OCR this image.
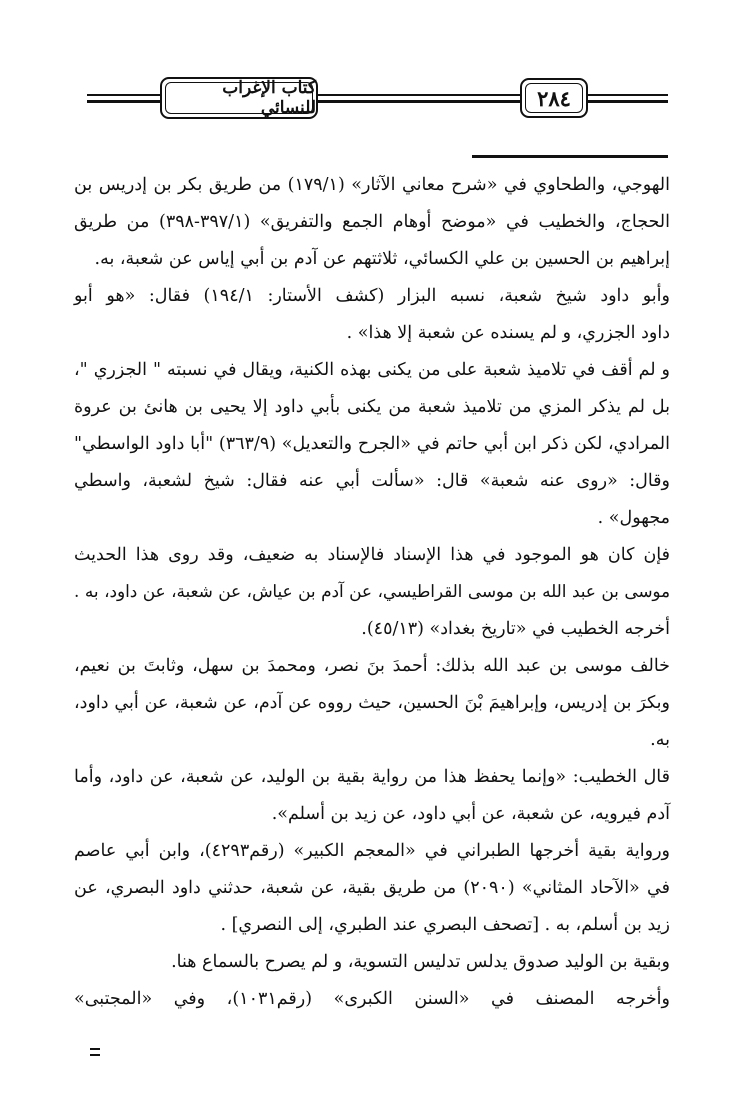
كتاب الإغراب للنسائي	٢٨٤
الهوجي، والطحاوي في «شرح معاني الآثار» (١٧٩/١) من طريق بكر بن إدريس بن
الحجاج، والخطيب في «موضح أوهام الجمع والتفريق» (٣٩٧/١-٣٩٨) من طريق
إبراهيم بن الحسين بن علي الكسائي، ثلاثتهم عن آدم بن أبي إياس عن شعبة، به.
وأبو داود شيخ شعبة، نسبه البزار (كشف الأستار: ١٩٤/١) فقال: «هو أبو
داود الجزري، و لم يسنده عن شعبة إلا هذا» .
و لم أقف في تلاميذ شعبة على من يكنى بهذه الكنية، ويقال في نسبته " الجزري "،
بل لم يذكر المزي من تلاميذ شعبة من يكنى بأبي داود إلا يحيى بن هانئ بن عروة
المرادي، لكن ذكر ابن أبي حاتم في «الجرح والتعديل» (٣٦٣/٩) "أبا داود الواسطي"
وقال: «روى عنه شعبة» قال: «سألت أبي عنه فقال: شيخ لشعبة، واسطي
مجهول» .
فإن كان هو الموجود في هذا الإسناد فالإسناد به ضعيف، وقد روى هذا الحديث
موسى بن عبد الله بن موسى القراطيسي، عن آدم بن عياش، عن شعبة، عن داود، به .
أخرجه الخطيب في «تاريخ بغداد» (٤٥/١٣).
خالف موسى بن عبد الله بذلك: أحمدَ بنَ نصر، ومحمدَ بن سهل، وثابتَ بن نعيم،
وبكرَ بن إدريس، وإبراهيمَ بْنَ الحسين، حيث رووه عن آدم، عن شعبة، عن أبي داود،
به.
قال الخطيب: «وإنما يحفظ هذا من رواية بقية بن الوليد، عن شعبة، عن داود، وأما
آدم فيرويه، عن شعبة، عن أبي داود، عن زيد بن أسلم».
ورواية بقية أخرجها الطبراني في «المعجم الكبير» (رقم٤٢٩٣)، وابن أبي عاصم
في «الآحاد المثاني» (٢٠٩٠) من طريق بقية، عن شعبة، حدثني داود البصري، عن
زيد بن أسلم، به . [تصحف البصري عند الطبري، إلى النصري] .
وبقية بن الوليد صدوق يدلس تدليس التسوية، و لم يصرح بالسماع هنا.
وأخرجه المصنف في «السنن الكبرى» (رقم١٠٣١)، وفي «المجتبى»
